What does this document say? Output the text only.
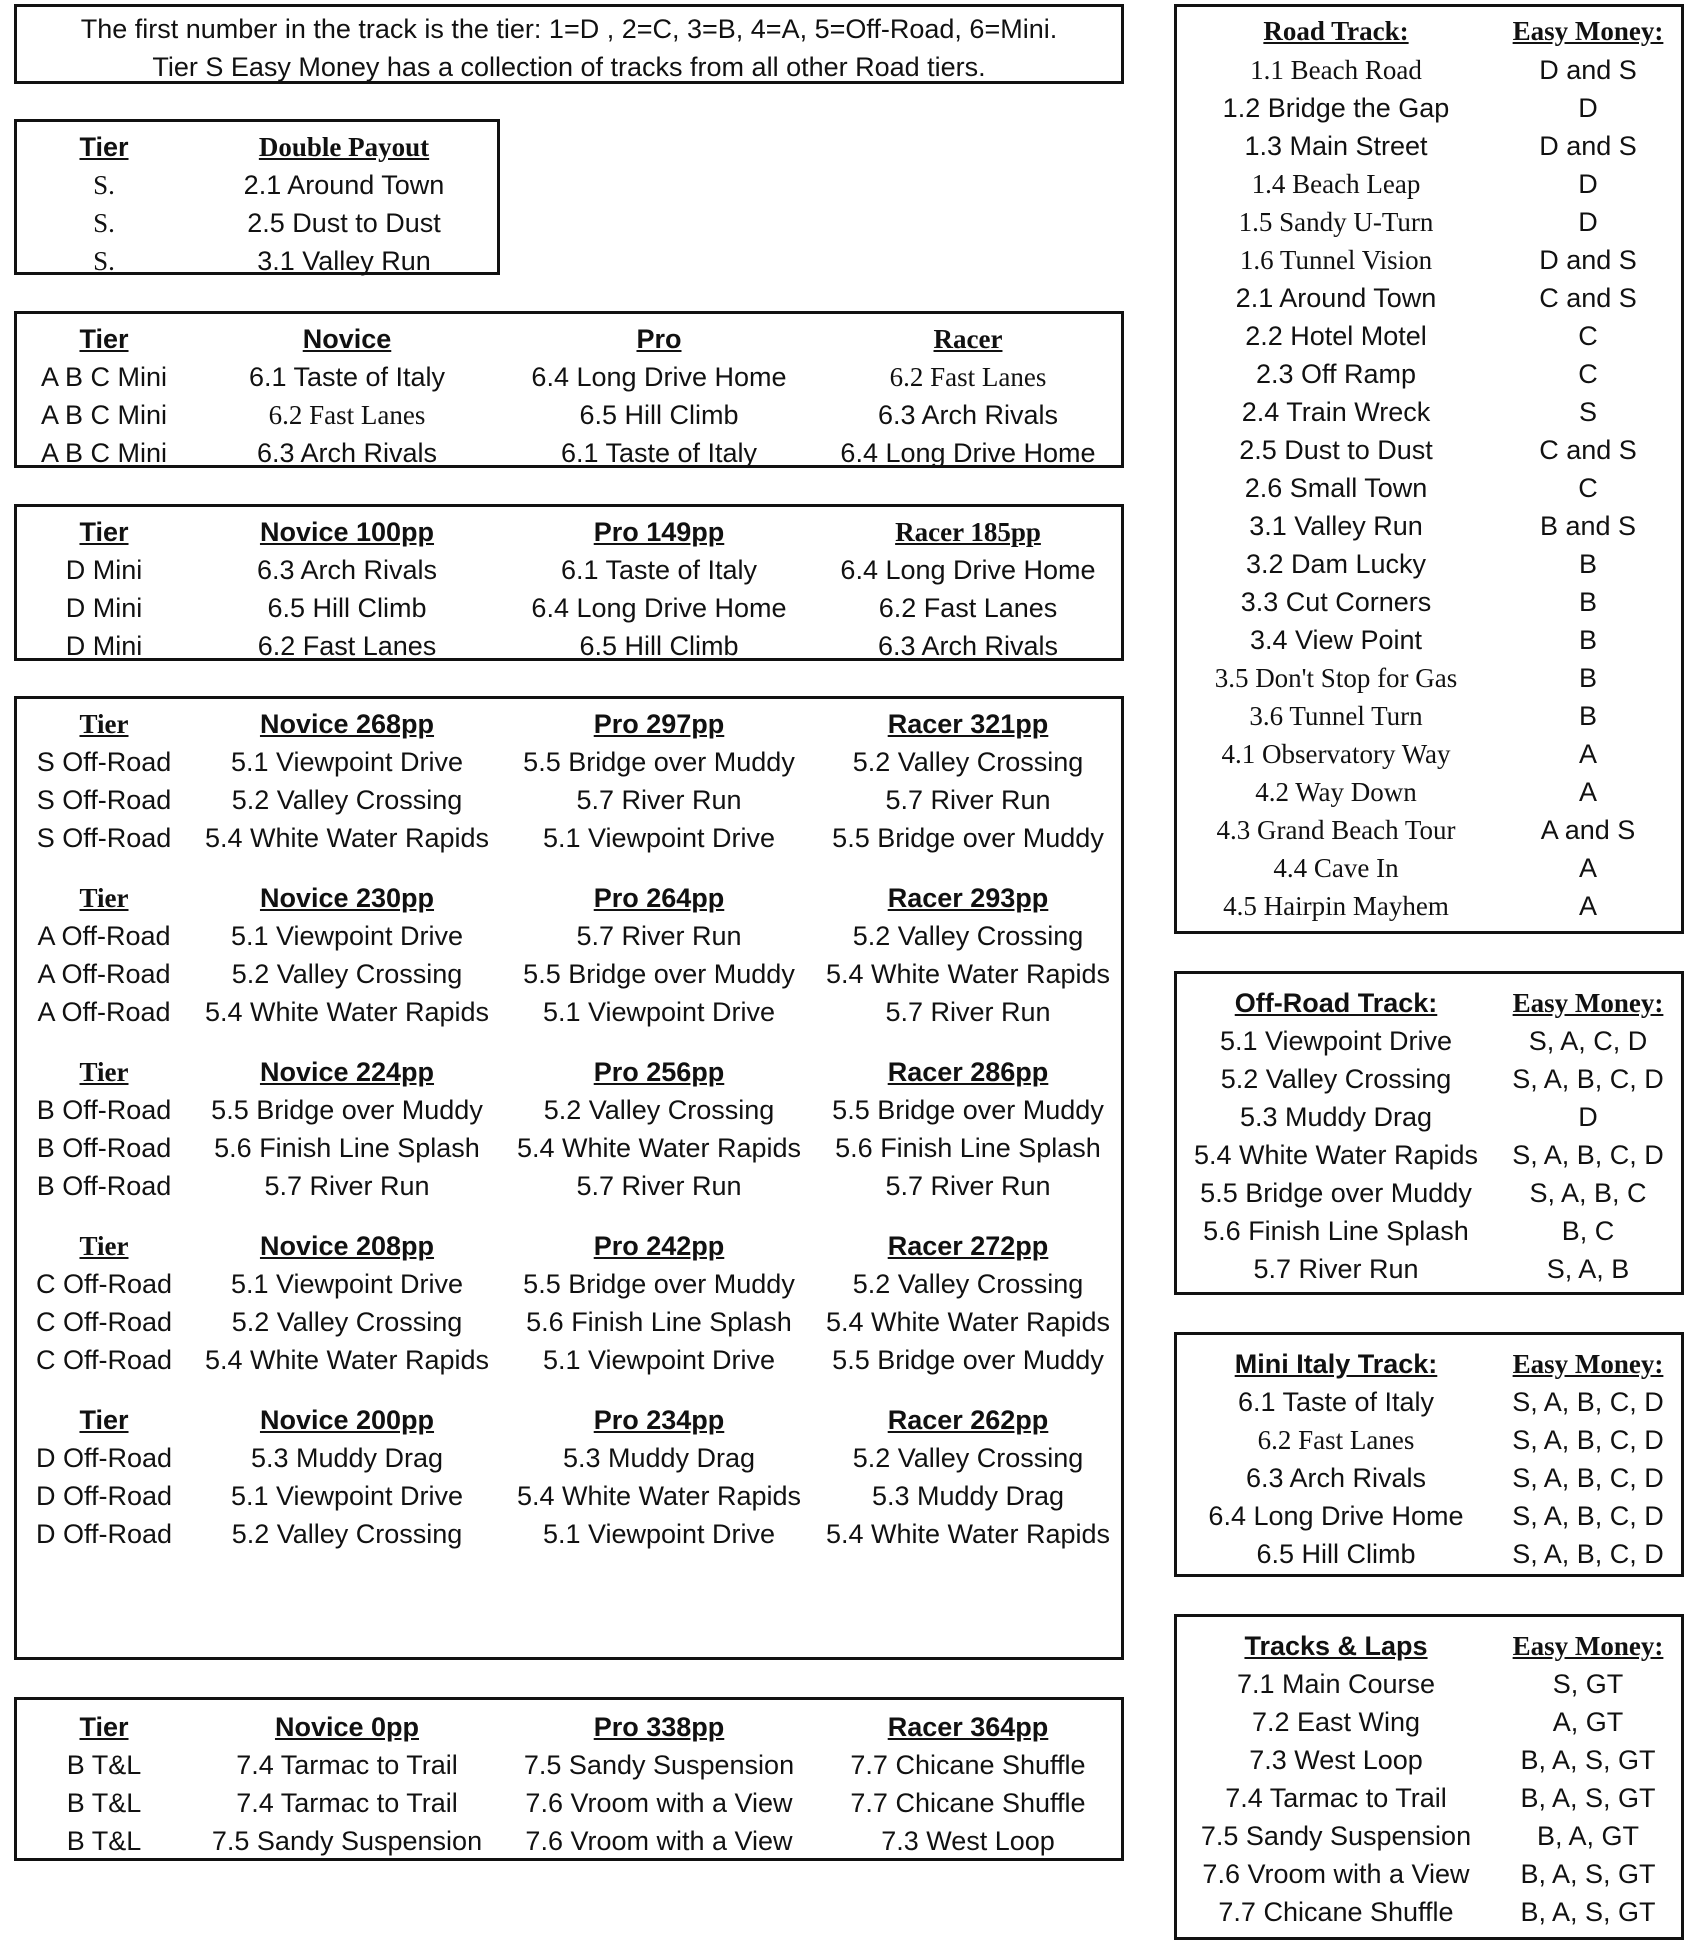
The first number in the track is the tier: 1=D , 2=C, 3=B, 4=A, 5=Off-Road, 6=Mini.
Tier S Easy Money has a collection of tracks from all other Road tiers.
Tier	Double Payout
S.	2.1 Around Town
S.	2.5 Dust to Dust
S.	3.1 Valley Run
Tier	Novice	Pro	Racer
A B C Mini	6.1 Taste of Italy	6.4 Long Drive Home	6.2 Fast Lanes
A B C Mini	6.2 Fast Lanes	6.5 Hill Climb	6.3 Arch Rivals
A B C Mini	6.3 Arch Rivals	6.1 Taste of Italy	6.4 Long Drive Home
Tier	Novice 100pp	Pro 149pp	Racer 185pp
D Mini	6.3 Arch Rivals	6.1 Taste of Italy	6.4 Long Drive Home
D Mini	6.5 Hill Climb	6.4 Long Drive Home	6.2 Fast Lanes
D Mini	6.2 Fast Lanes	6.5 Hill Climb	6.3 Arch Rivals
Tier	Novice 268pp	Pro 297pp	Racer 321pp
S Off-Road	5.1 Viewpoint Drive	5.5 Bridge over Muddy	5.2 Valley Crossing
S Off-Road	5.2 Valley Crossing	5.7 River Run	5.7 River Run
S Off-Road	5.4 White Water Rapids	5.1 Viewpoint Drive	5.5 Bridge over Muddy

Tier	Novice 230pp	Pro 264pp	Racer 293pp
A Off-Road	5.1 Viewpoint Drive	5.7 River Run	5.2 Valley Crossing
A Off-Road	5.2 Valley Crossing	5.5 Bridge over Muddy	5.4 White Water Rapids
A Off-Road	5.4 White Water Rapids	5.1 Viewpoint Drive	5.7 River Run

Tier	Novice 224pp	Pro 256pp	Racer 286pp
B Off-Road	5.5 Bridge over Muddy	5.2 Valley Crossing	5.5 Bridge over Muddy
B Off-Road	5.6 Finish Line Splash	5.4 White Water Rapids	5.6 Finish Line Splash
B Off-Road	5.7 River Run	5.7 River Run	5.7 River Run

Tier	Novice 208pp	Pro 242pp	Racer 272pp
C Off-Road	5.1 Viewpoint Drive	5.5 Bridge over Muddy	5.2 Valley Crossing
C Off-Road	5.2 Valley Crossing	5.6 Finish Line Splash	5.4 White Water Rapids
C Off-Road	5.4 White Water Rapids	5.1 Viewpoint Drive	5.5 Bridge over Muddy

Tier	Novice 200pp	Pro 234pp	Racer 262pp
D Off-Road	5.3 Muddy Drag	5.3 Muddy Drag	5.2 Valley Crossing
D Off-Road	5.1 Viewpoint Drive	5.4 White Water Rapids	5.3 Muddy Drag
D Off-Road	5.2 Valley Crossing	5.1 Viewpoint Drive	5.4 White Water Rapids
Tier	Novice 0pp	Pro 338pp	Racer 364pp
B T&L	7.4 Tarmac to Trail	7.5 Sandy Suspension	7.7 Chicane Shuffle
B T&L	7.4 Tarmac to Trail	7.6 Vroom with a View	7.7 Chicane Shuffle
B T&L	7.5 Sandy Suspension	7.6 Vroom with a View	7.3 West Loop
Road Track:	Easy Money:
1.1 Beach Road	D and S
1.2 Bridge the Gap	D
1.3 Main Street	D and S
1.4 Beach Leap	D
1.5 Sandy U-Turn	D
1.6 Tunnel Vision	D and S
2.1 Around Town	C and S
2.2 Hotel Motel	C
2.3 Off Ramp	C
2.4 Train Wreck	S
2.5 Dust to Dust	C and S
2.6 Small Town	C
3.1 Valley Run	B and S
3.2 Dam Lucky	B
3.3 Cut Corners	B
3.4 View Point	B
3.5 Don't Stop for Gas	B
3.6 Tunnel Turn	B
4.1 Observatory Way	A
4.2 Way Down	A
4.3 Grand Beach Tour	A and S
4.4 Cave In	A
4.5 Hairpin Mayhem	A
Off-Road Track:	Easy Money:
5.1 Viewpoint Drive	S, A, C, D
5.2 Valley Crossing	S, A, B, C, D
5.3 Muddy Drag	D
5.4 White Water Rapids	S, A, B, C, D
5.5 Bridge over Muddy	S, A, B, C
5.6 Finish Line Splash	B, C
5.7 River Run	S, A, B
Mini Italy Track:	Easy Money:
6.1 Taste of Italy	S, A, B, C, D
6.2 Fast Lanes	S, A, B, C, D
6.3 Arch Rivals	S, A, B, C, D
6.4 Long Drive Home	S, A, B, C, D
6.5 Hill Climb	S, A, B, C, D
Tracks & Laps	Easy Money:
7.1 Main Course	S, GT
7.2 East Wing	A, GT
7.3 West Loop	B, A, S, GT
7.4 Tarmac to Trail	B, A, S, GT
7.5 Sandy Suspension	B, A, GT
7.6 Vroom with a View	B, A, S, GT
7.7 Chicane Shuffle	B, A, S, GT
